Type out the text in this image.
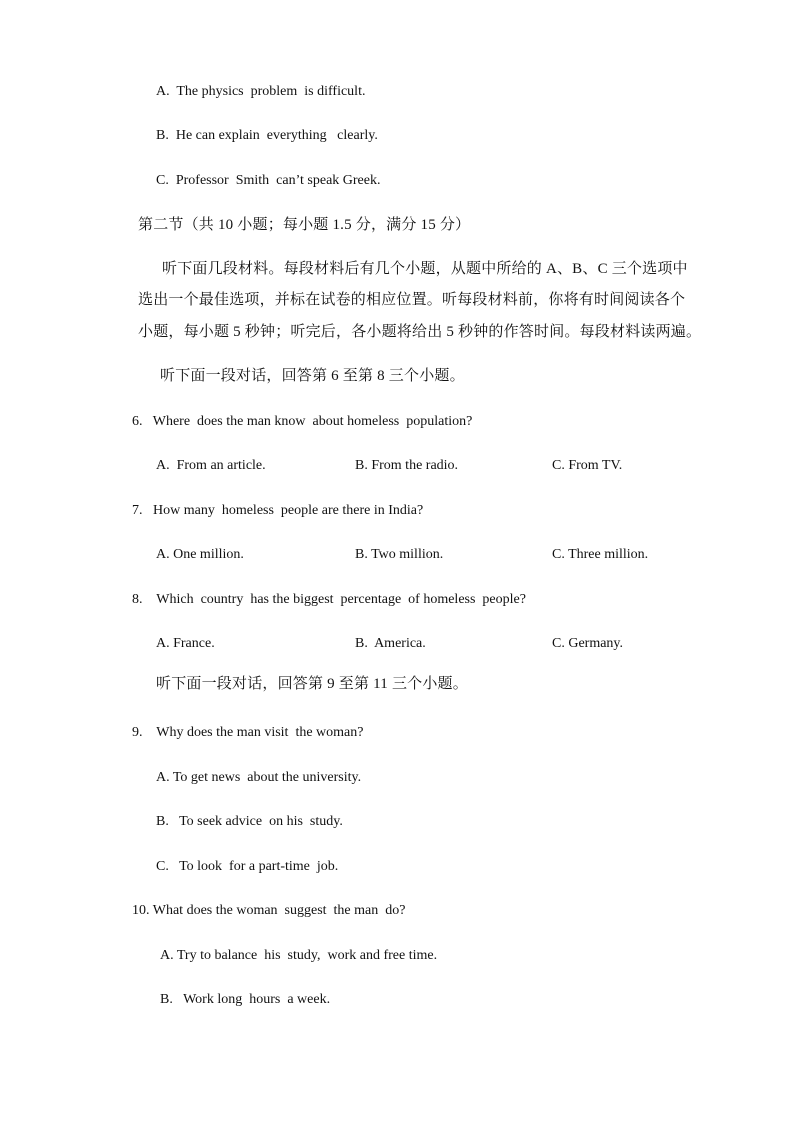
A.  The physics  problem  is difficult.
B.  He can explain  everything   clearly.
C.  Professor  Smith  can’t speak Greek.
第二节（共 10 小题；每小题 1.5 分，满分 15 分）
听下面几段材料。每段材料后有几个小题，从题中所给的 A、B、C 三个选项中
选出一个最佳选项，并标在试卷的相应位置。听每段材料前，你将有时间阅读各个
小题，每小题 5 秒钟；听完后，各小题将给出 5 秒钟的作答时间。每段材料读两遍。
听下面一段对话，回答第 6 至第 8 三个小题。
6.   Where  does the man know  about homeless  population?
A.  From an article.	B. From the radio.	C. From TV.
7.   How many  homeless  people are there in India?
A. One million.	B. Two million.	C. Three million.
8.    Which  country  has the biggest  percentage  of homeless  people?
A. France.	B.  America.	C. Germany.
听下面一段对话，回答第 9 至第 11 三个小题。
9.    Why does the man visit  the woman?
A. To get news  about the university.
B.   To seek advice  on his  study.
C.   To look  for a part-time  job.
10. What does the woman  suggest  the man  do?
A. Try to balance  his  study,  work and free time.
B.   Work long  hours  a week.
